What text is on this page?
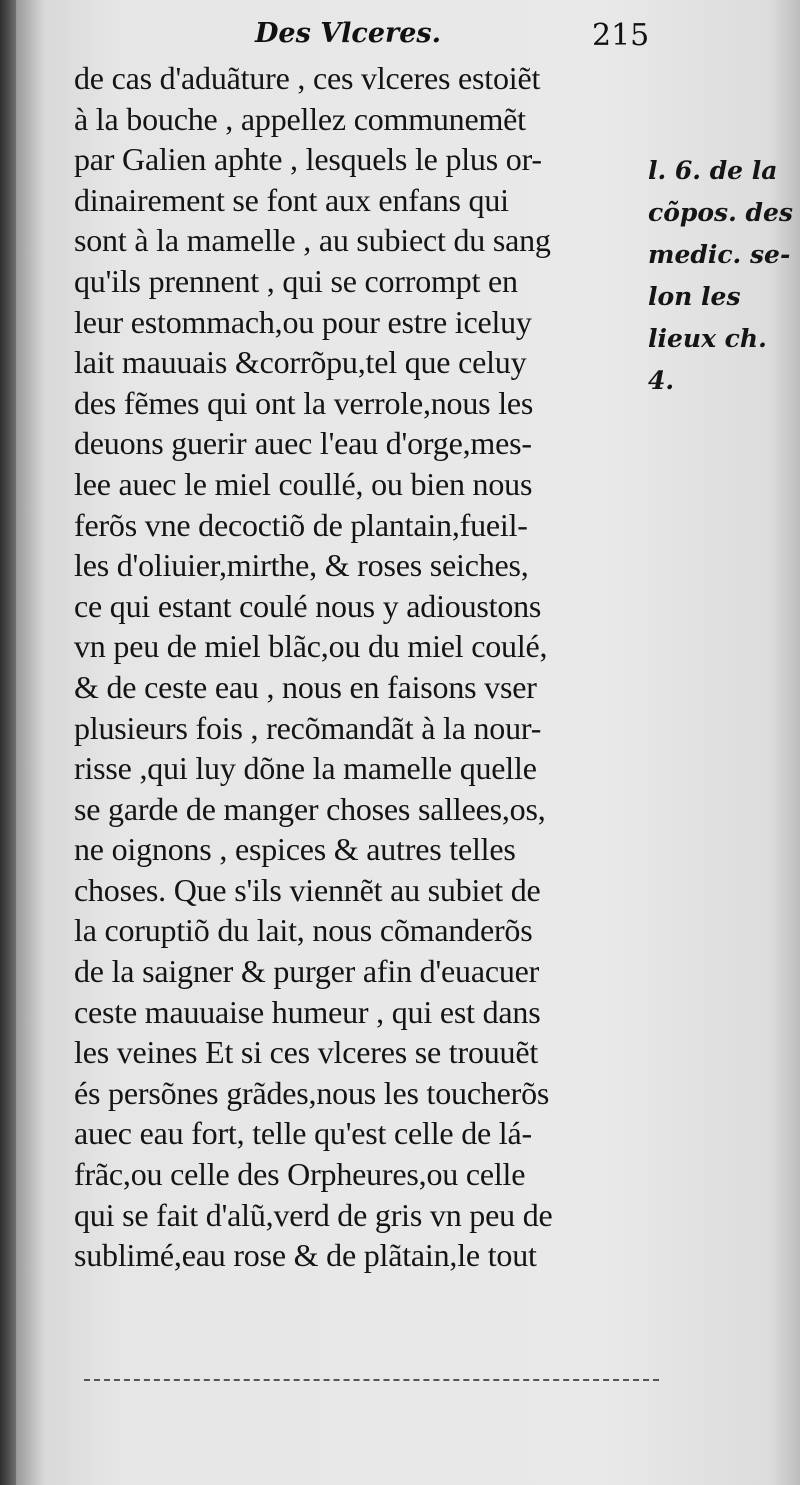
Des Vlceres.	215
de cas d'aduãture , ces vlceres estoiẽt
à la bouche , appellez communemẽt
par Galien aphte , lesquels le plus or-
dinairement se font aux enfans qui
sont à la mamelle , au subiect du sang
qu'ils prennent , qui se corrompt en
leur estommach,ou pour estre iceluy
lait mauuais &corrõpu,tel que celuy
des fẽmes qui ont la verrole,nous les
deuons guerir auec l'eau d'orge,mes-
lee auec le miel coullé, ou bien nous
ferõs vne decoctiõ de plantain,fueil-
les d'oliuier,mirthe, & roses seiches,
ce qui estant coulé nous y adioustons
vn peu de miel blãc,ou du miel coulé,
& de ceste eau , nous en faisons vser
plusieurs fois , recõmandãt à la nour-
risse ,qui luy dõne la mamelle quelle
se garde de manger choses sallees,os,
ne oignons , espices & autres telles
choses. Que s'ils viennẽt au subiet de
la coruptiõ du lait, nous cõmanderõs
de la saigner & purger afin d'euacuer
ceste mauuaise humeur , qui est dans
les veines Et si ces vlceres se trouuẽt
és persõnes grãdes,nous les toucherõs
auec eau fort, telle qu'est celle de lá-
frãc,ou celle des Orpheures,ou celle
qui se fait d'alũ,verd de gris vn peu de
sublimé,eau rose & de plãtain,le tout
l. 6. de la
cõpos. des
medic. se-
lon les
lieux ch.
4.
